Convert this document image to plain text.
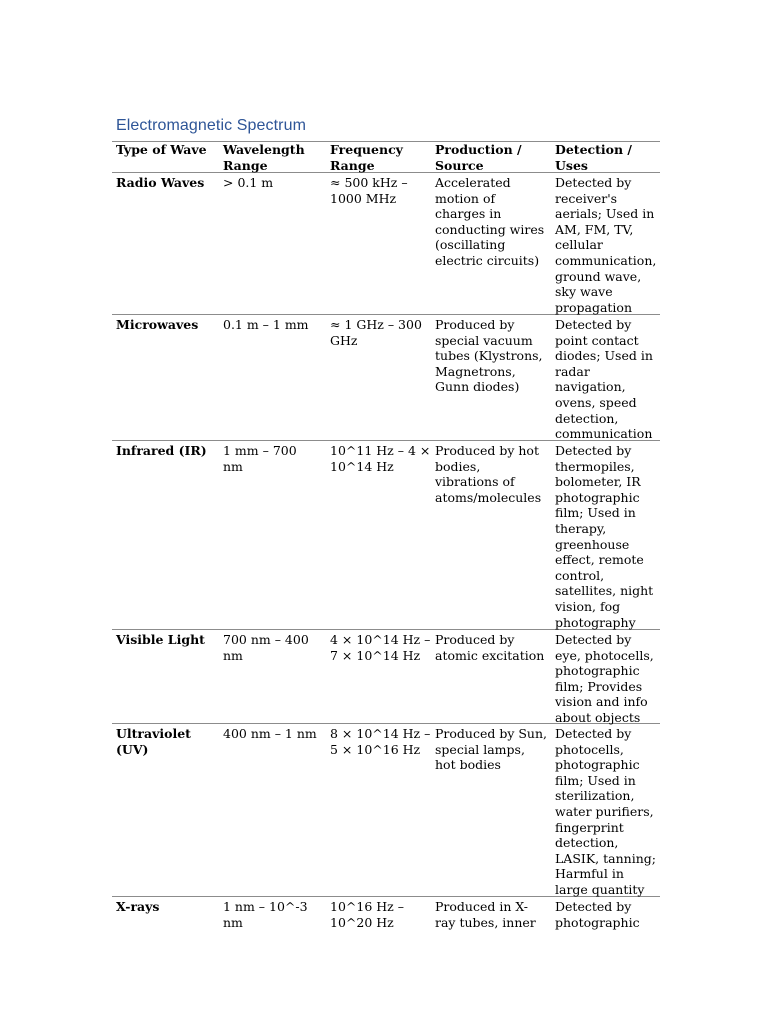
Electromagnetic Spectrum
Type of Wave Wavelength
Range
Frequency
Range
Production /
Source
Detection /
Uses
Radio Waves > 0.1 m	≈ 500 kHz –
1000 MHz
Accelerated
motion of
charges in
conducting wires
(oscillating
electric circuits)
Detected by
receiver's
aerials; Used in
AM, FM, TV,
cellular
communication,
ground wave,
sky wave
propagation
Microwaves 0.1 m – 1 mm ≈ 1 GHz – 300
GHz
Produced by
special vacuum
tubes (Klystrons,
Magnetrons,
Gunn diodes)
Detected by
point contact
diodes; Used in
radar
navigation,
ovens, speed
detection,
communication
Infrared (IR) 1 mm – 700
nm
10^11 Hz – 4 ×
10^14 Hz
Produced by hot
bodies,
vibrations of
atoms/molecules
Detected by
thermopiles,
bolometer, IR
photographic
film; Used in
therapy,
greenhouse
effect, remote
control,
satellites, night
vision, fog
photography
Visible Light 700 nm – 400
nm
4 × 10^14 Hz –
7 × 10^14 Hz
Produced by
atomic excitation
Detected by
eye, photocells,
photographic
film; Provides
vision and info
about objects
Ultraviolet
(UV)
400 nm – 1 nm 8 × 10^14 Hz –
5 × 10^16 Hz
Produced by Sun,
special lamps,
hot bodies
Detected by
photocells,
photographic
film; Used in
sterilization,
water purifiers,
fingerprint
detection,
LASIK, tanning;
Harmful in
large quantity
X-rays	1 nm – 10^-3
nm
10^16 Hz –
10^20 Hz
Produced in X-
ray tubes, inner
Detected by
photographic
